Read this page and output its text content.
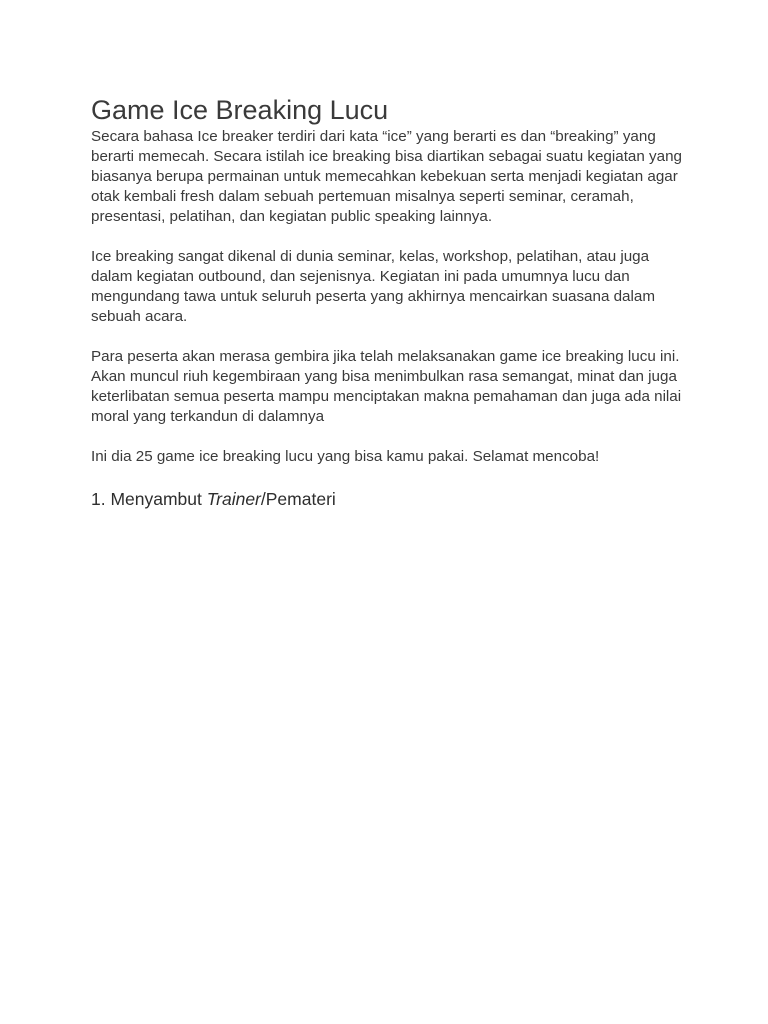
Game Ice Breaking Lucu

Secara bahasa Ice breaker terdiri dari kata “ice” yang berarti es dan “breaking” yang berarti memecah. Secara istilah ice breaking bisa diartikan sebagai suatu kegiatan yang biasanya berupa permainan untuk memecahkan kebekuan serta menjadi kegiatan agar otak kembali fresh dalam sebuah pertemuan misalnya seperti seminar, ceramah, presentasi, pelatihan, dan kegiatan public speaking lainnya.

Ice breaking sangat dikenal di dunia seminar, kelas, workshop, pelatihan, atau juga dalam kegiatan outbound, dan sejenisnya. Kegiatan ini pada umumnya lucu dan mengundang tawa untuk seluruh peserta yang akhirnya mencairkan suasana dalam sebuah acara.

Para peserta akan merasa gembira jika telah melaksanakan game ice breaking lucu ini. Akan muncul riuh kegembiraan yang bisa menimbulkan rasa semangat, minat dan juga keterlibatan semua peserta mampu menciptakan makna pemahaman dan juga ada nilai moral yang terkandun di dalamnya

Ini dia 25 game ice breaking lucu yang bisa kamu pakai. Selamat mencoba!

1. Menyambut Trainer/Pemateri
